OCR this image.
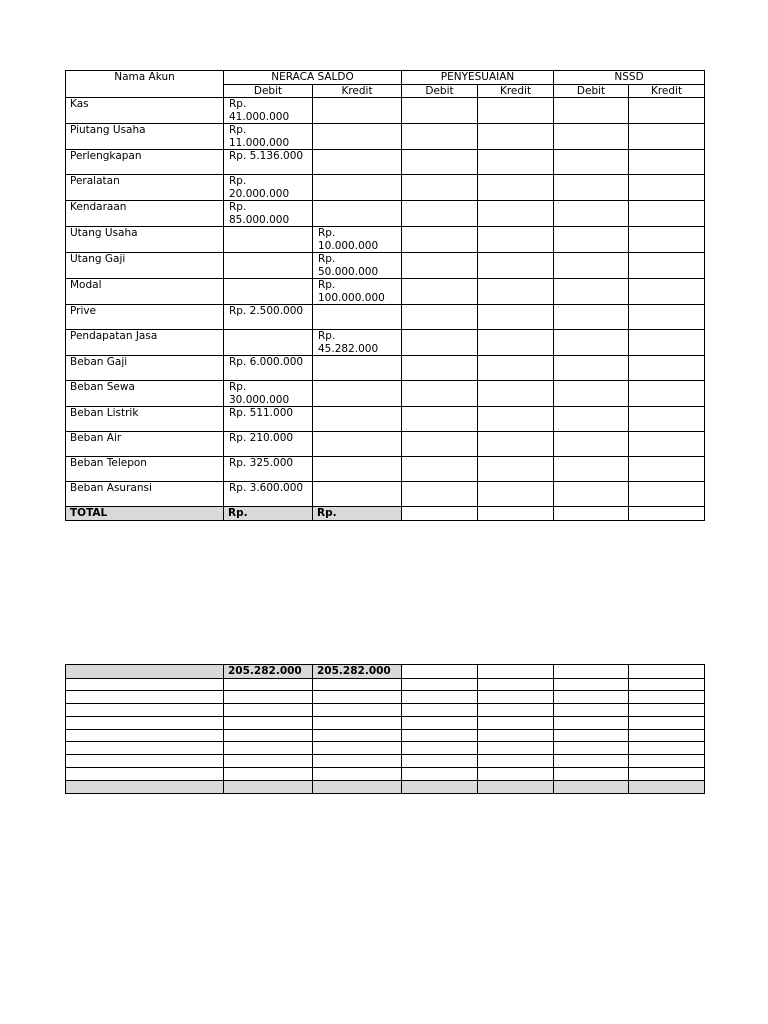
Nama Akun	NERACA SALDO		PENYESUAIAN		NSSD	
	Debit	Kredit	Debit	Kredit	Debit	Kredit
Kas	Rp. 41.000.000					
Piutang Usaha	Rp. 11.000.000					
Perlengkapan	Rp. 5.136.000					
Peralatan	Rp. 20.000.000					
Kendaraan	Rp. 85.000.000					
Utang Usaha		Rp. 10.000.000				
Utang Gaji		Rp. 50.000.000				
Modal		Rp. 100.000.000				
Prive	Rp. 2.500.000					
Pendapatan Jasa		Rp. 45.282.000				
Beban Gaji	Rp. 6.000.000					
Beban Sewa	Rp. 30.000.000					
Beban Listrik	Rp. 511.000					
Beban Air	Rp. 210.000					
Beban Telepon	Rp. 325.000					
Beban Asuransi	Rp. 3.600.000					
TOTAL	Rp.	Rp.				
	205.282.000	205.282.000				
